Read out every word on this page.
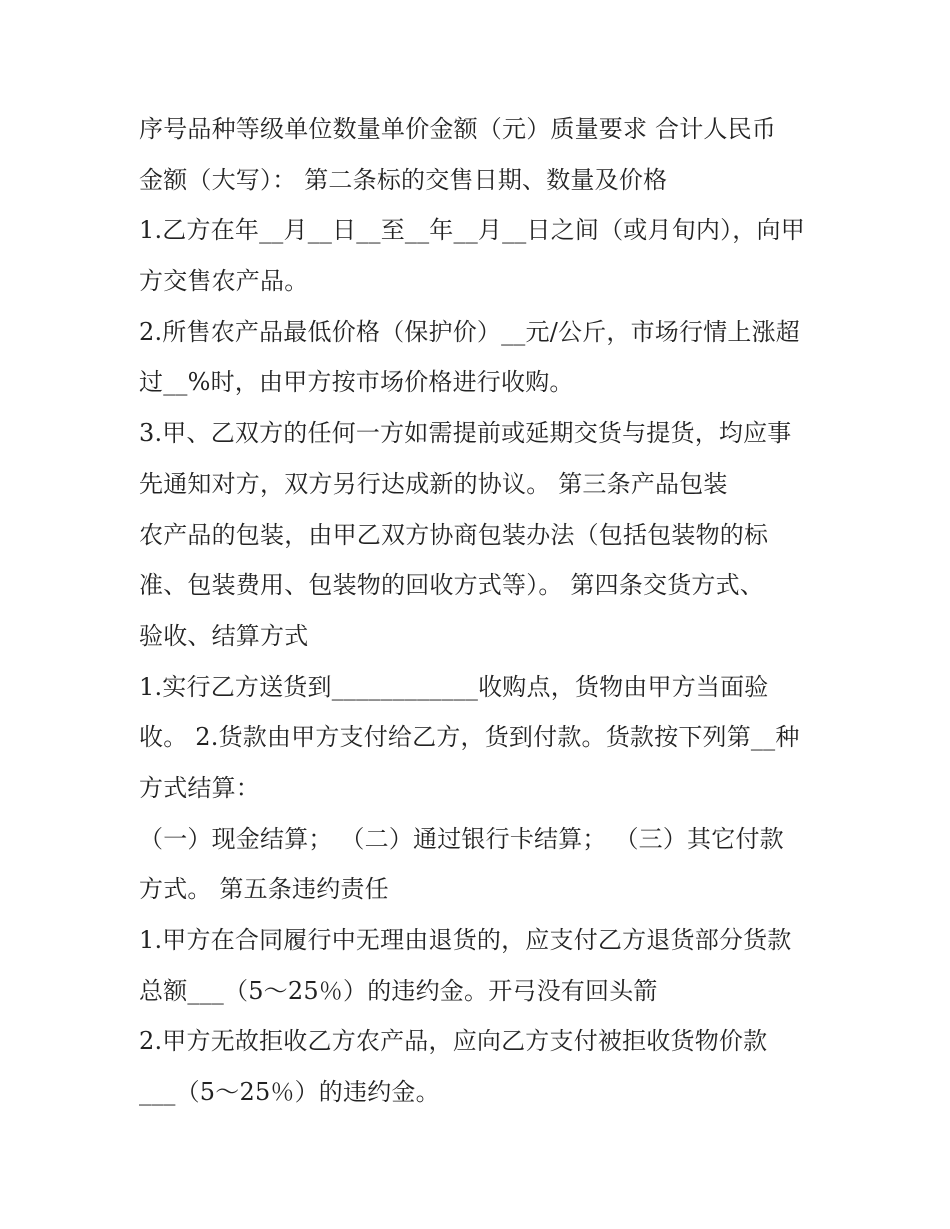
序号品种等级单位数量单价金额（元）质量要求 合计人民币
金额（大写）： 第二条标的交售日期、数量及价格
1.乙方在年__月__日__至__年__月__日之间（或月旬内），向甲
方交售农产品。
2.所售农产品最低价格（保护价）__元/公斤，市场行情上涨超
过__%时，由甲方按市场价格进行收购。
3.甲、乙双方的任何一方如需提前或延期交货与提货，均应事
先通知对方，双方另行达成新的协议。 第三条产品包装
农产品的包装，由甲乙双方协商包装办法（包括包装物的标
准、包装费用、包装物的回收方式等）。 第四条交货方式、
验收、结算方式
1.实行乙方送货到____________收购点，货物由甲方当面验
收。 2.货款由甲方支付给乙方，货到付款。货款按下列第__种
方式结算：
（一）现金结算； （二）通过银行卡结算； （三）其它付款
方式。 第五条违约责任
1.甲方在合同履行中无理由退货的，应支付乙方退货部分货款
总额___（5～25％）的违约金。开弓没有回头箭
2.甲方无故拒收乙方农产品，应向乙方支付被拒收货物价款
___（5～25％）的违约金。
